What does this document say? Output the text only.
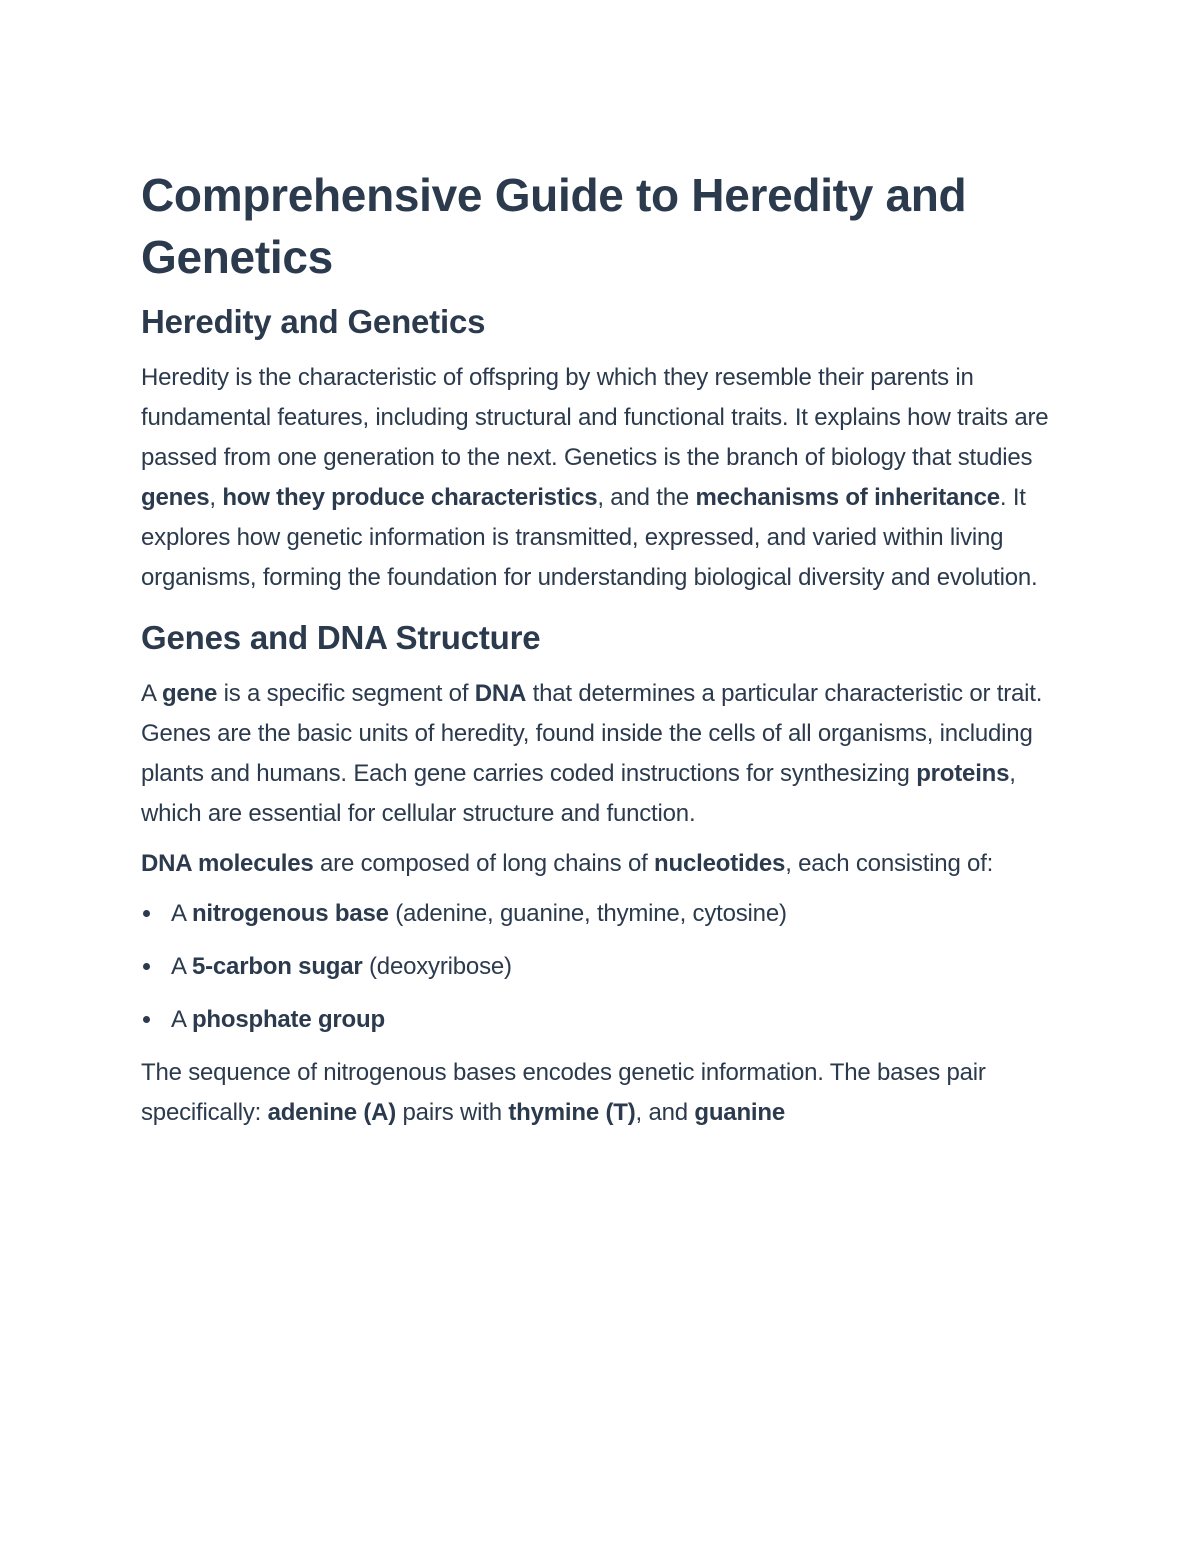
Comprehensive Guide to Heredity and Genetics
Heredity and Genetics

Heredity is the characteristic of offspring by which they resemble their parents in fundamental features, including structural and functional traits. It explains how traits are passed from one generation to the next. Genetics is the branch of biology that studies genes, how they produce characteristics, and the mechanisms of inheritance. It explores how genetic information is transmitted, expressed, and varied within living organisms, forming the foundation for understanding biological diversity and evolution.

Genes and DNA Structure

A gene is a specific segment of DNA that determines a particular characteristic or trait. Genes are the basic units of heredity, found inside the cells of all organisms, including plants and humans. Each gene carries coded instructions for synthesizing proteins, which are essential for cellular structure and function.

DNA molecules are composed of long chains of nucleotides, each consisting of:

A nitrogenous base (adenine, guanine, thymine, cytosine)
A 5-carbon sugar (deoxyribose)
A phosphate group

The sequence of nitrogenous bases encodes genetic information. The bases pair specifically: adenine (A) pairs with thymine (T), and guanine
